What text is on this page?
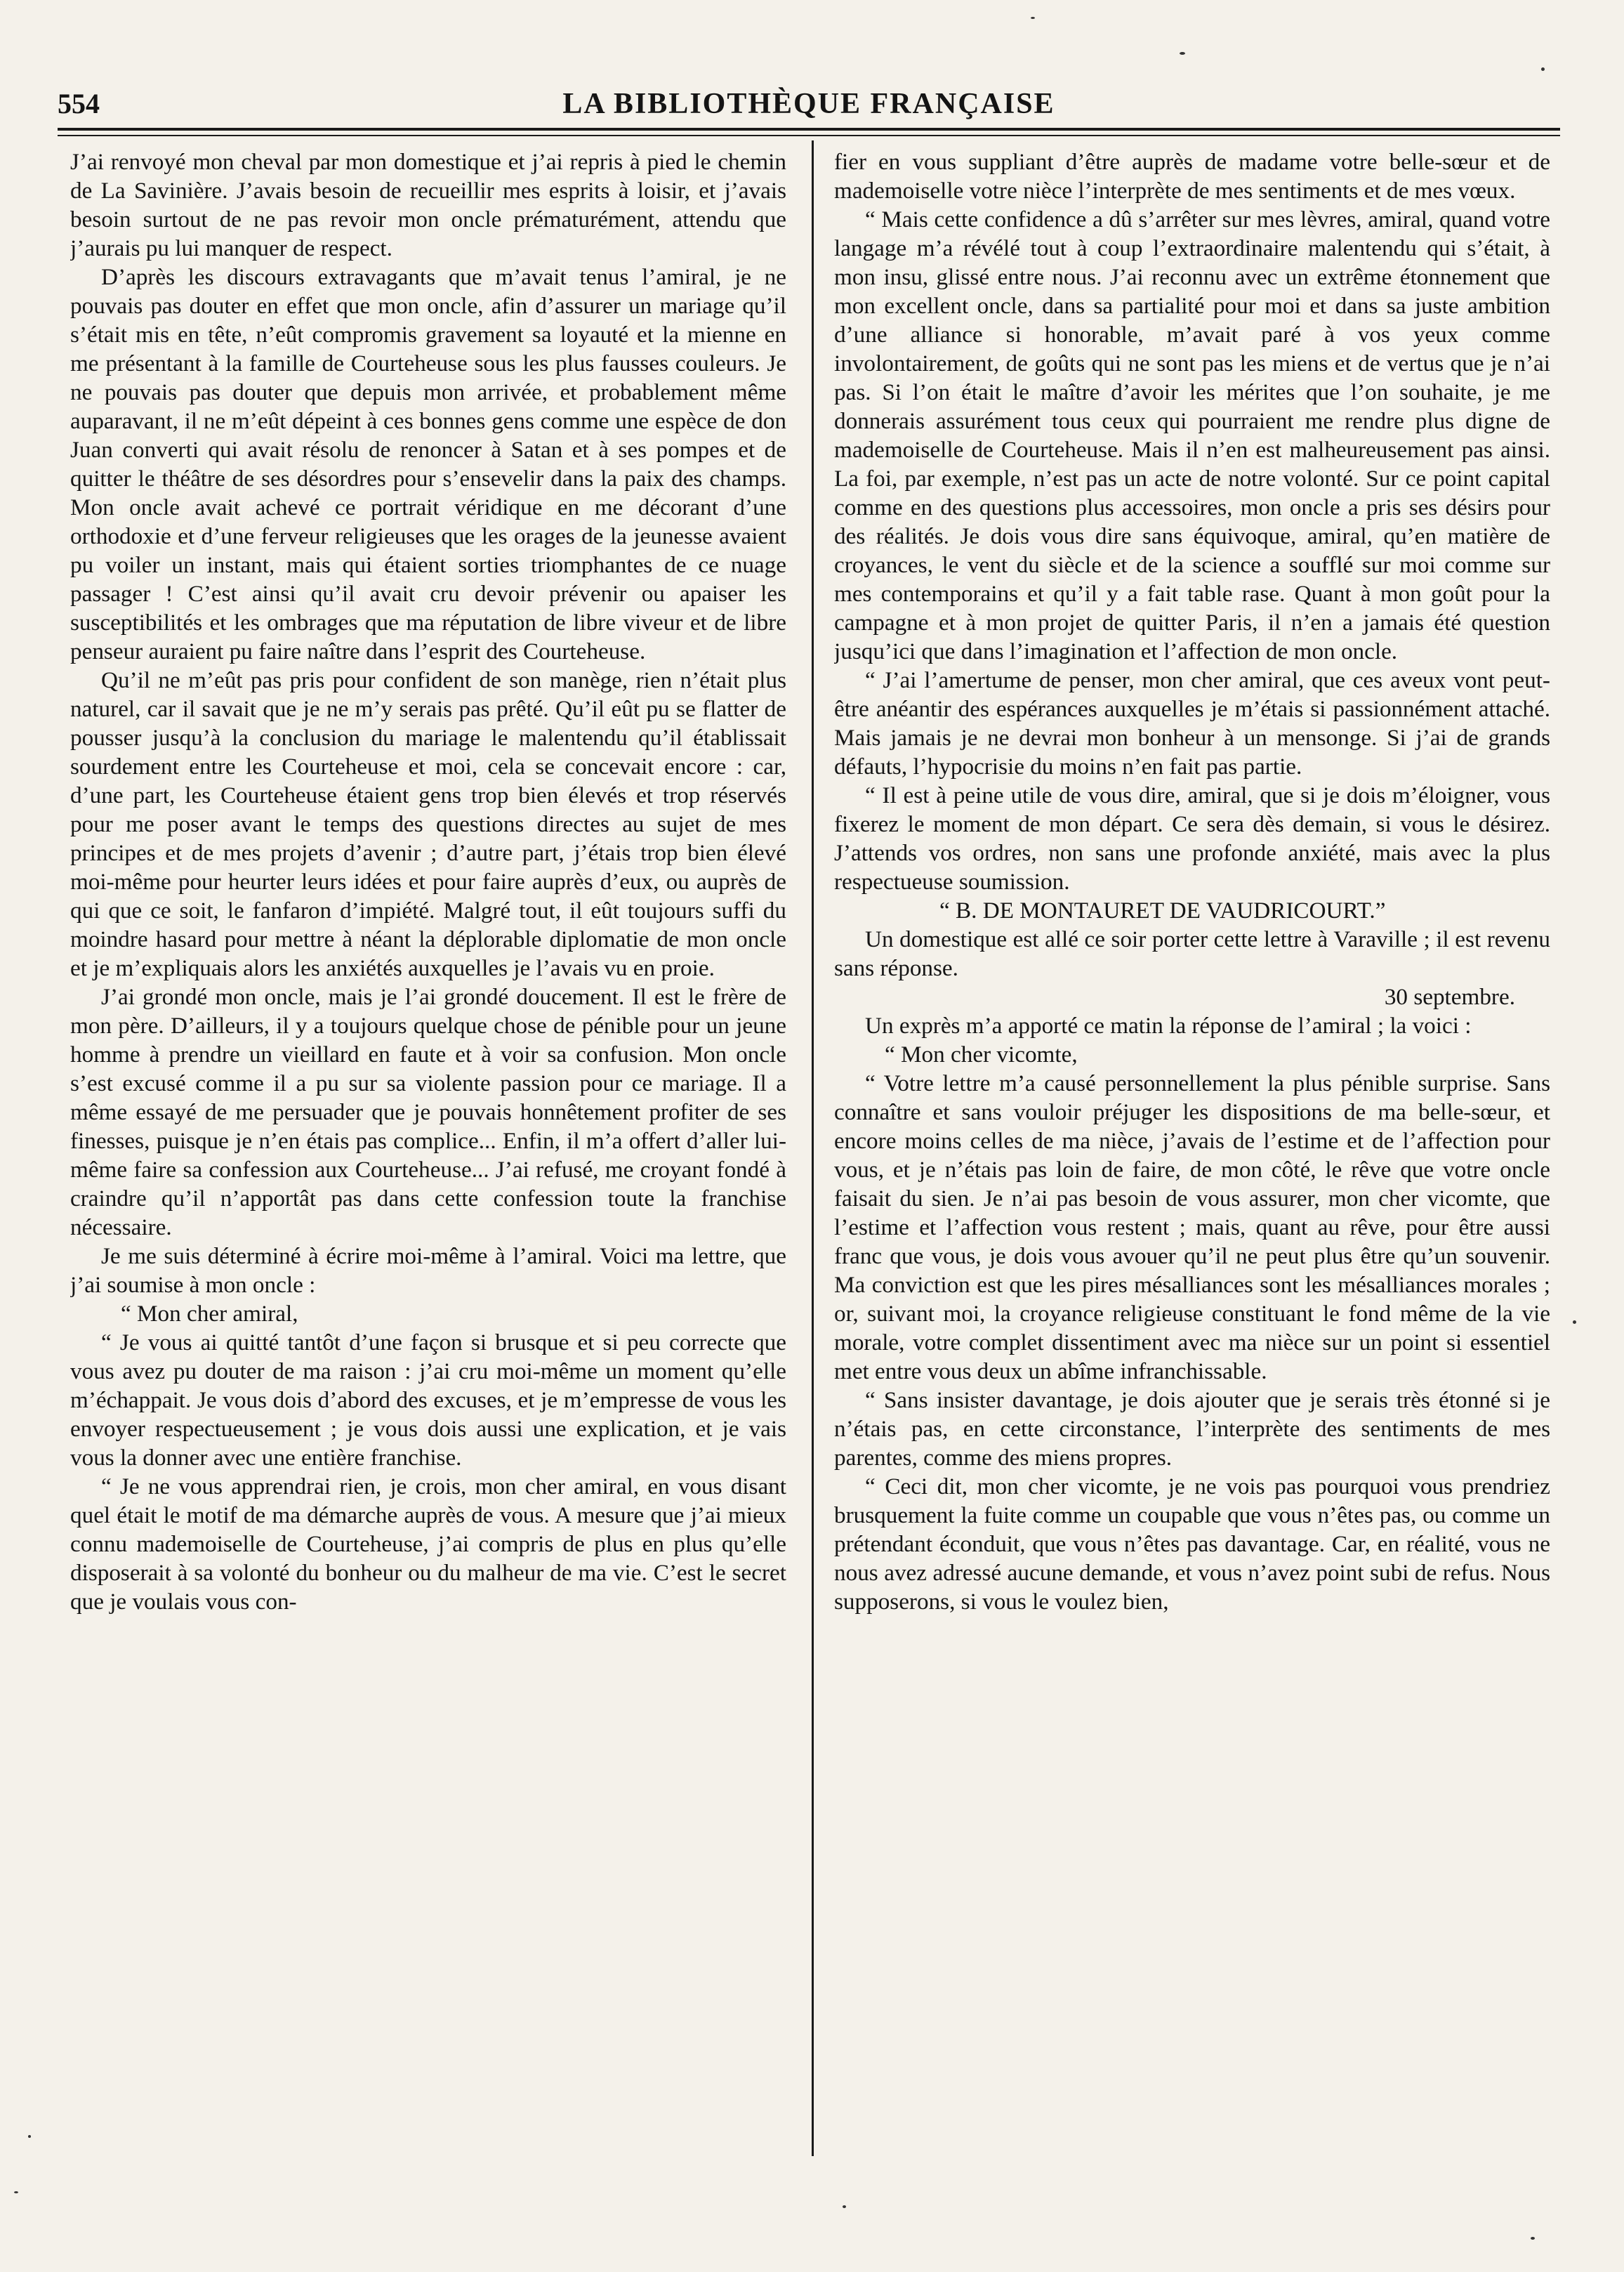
554	LA BIBLIOTHÈQUE FRANÇAISE

J’ai renvoyé mon cheval par mon domestique et j’ai repris à pied le chemin de La Savinière. J’avais besoin de recueillir mes esprits à loisir, et j’avais besoin surtout de ne pas revoir mon oncle prématurément, attendu que j’aurais pu lui manquer de respect.

D’après les discours extravagants que m’avait tenus l’amiral, je ne pouvais pas douter en effet que mon oncle, afin d’assurer un mariage qu’il s’était mis en tête, n’eût compromis gravement sa loyauté et la mienne en me présentant à la famille de Courteheuse sous les plus fausses couleurs. Je ne pouvais pas douter que depuis mon arrivée, et probablement même auparavant, il ne m’eût dépeint à ces bonnes gens comme une espèce de don Juan converti qui avait résolu de renoncer à Satan et à ses pompes et de quitter le théâtre de ses désordres pour s’ensevelir dans la paix des champs. Mon oncle avait achevé ce portrait véridique en me décorant d’une orthodoxie et d’une ferveur religieuses que les orages de la jeunesse avaient pu voiler un instant, mais qui étaient sorties triomphantes de ce nuage passager ! C’est ainsi qu’il avait cru devoir prévenir ou apaiser les susceptibilités et les ombrages que ma réputation de libre viveur et de libre penseur auraient pu faire naître dans l’esprit des Courteheuse.

Qu’il ne m’eût pas pris pour confident de son manège, rien n’était plus naturel, car il savait que je ne m’y serais pas prêté. Qu’il eût pu se flatter de pousser jusqu’à la conclusion du mariage le malentendu qu’il établissait sourdement entre les Courteheuse et moi, cela se concevait encore : car, d’une part, les Courteheuse étaient gens trop bien élevés et trop réservés pour me poser avant le temps des questions directes au sujet de mes principes et de mes projets d’avenir ; d’autre part, j’étais trop bien élevé moi-même pour heurter leurs idées et pour faire auprès d’eux, ou auprès de qui que ce soit, le fanfaron d’impiété. Malgré tout, il eût toujours suffi du moindre hasard pour mettre à néant la déplorable diplomatie de mon oncle et je m’expliquais alors les anxiétés auxquelles je l’avais vu en proie.

J’ai grondé mon oncle, mais je l’ai grondé doucement. Il est le frère de mon père. D’ailleurs, il y a toujours quelque chose de pénible pour un jeune homme à prendre un vieillard en faute et à voir sa confusion. Mon oncle s’est excusé comme il a pu sur sa violente passion pour ce mariage. Il a même essayé de me persuader que je pouvais honnêtement profiter de ses finesses, puisque je n’en étais pas complice... Enfin, il m’a offert d’aller lui-même faire sa confession aux Courteheuse... J’ai refusé, me croyant fondé à craindre qu’il n’apportât pas dans cette confession toute la franchise nécessaire.

Je me suis déterminé à écrire moi-même à l’amiral. Voici ma lettre, que j’ai soumise à mon oncle :

“ Mon cher amiral,

“ Je vous ai quitté tantôt d’une façon si brusque et si peu correcte que vous avez pu douter de ma raison : j’ai cru moi-même un moment qu’elle m’échappait. Je vous dois d’abord des excuses, et je m’empresse de vous les envoyer respectueusement ; je vous dois aussi une explication, et je vais vous la donner avec une entière franchise.

“ Je ne vous apprendrai rien, je crois, mon cher amiral, en vous disant quel était le motif de ma démarche auprès de vous. A mesure que j’ai mieux connu mademoiselle de Courteheuse, j’ai compris de plus en plus qu’elle disposerait à sa volonté du bonheur ou du malheur de ma vie. C’est le secret que je voulais vous con-

fier en vous suppliant d’être auprès de madame votre belle-sœur et de mademoiselle votre nièce l’interprète de mes sentiments et de mes vœux.

“ Mais cette confidence a dû s’arrêter sur mes lèvres, amiral, quand votre langage m’a révélé tout à coup l’extraordinaire malentendu qui s’était, à mon insu, glissé entre nous. J’ai reconnu avec un extrême étonnement que mon excellent oncle, dans sa partialité pour moi et dans sa juste ambition d’une alliance si honorable, m’avait paré à vos yeux comme involontairement, de goûts qui ne sont pas les miens et de vertus que je n’ai pas. Si l’on était le maître d’avoir les mérites que l’on souhaite, je me donnerais assurément tous ceux qui pourraient me rendre plus digne de mademoiselle de Courteheuse. Mais il n’en est malheureusement pas ainsi. La foi, par exemple, n’est pas un acte de notre volonté. Sur ce point capital comme en des questions plus accessoires, mon oncle a pris ses désirs pour des réalités. Je dois vous dire sans équivoque, amiral, qu’en matière de croyances, le vent du siècle et de la science a soufflé sur moi comme sur mes contemporains et qu’il y a fait table rase. Quant à mon goût pour la campagne et à mon projet de quitter Paris, il n’en a jamais été question jusqu’ici que dans l’imagination et l’affection de mon oncle.

“ J’ai l’amertume de penser, mon cher amiral, que ces aveux vont peut-être anéantir des espérances auxquelles je m’étais si passionnément attaché. Mais jamais je ne devrai mon bonheur à un mensonge. Si j’ai de grands défauts, l’hypocrisie du moins n’en fait pas partie.

“ Il est à peine utile de vous dire, amiral, que si je dois m’éloigner, vous fixerez le moment de mon départ. Ce sera dès demain, si vous le désirez. J’attends vos ordres, non sans une profonde anxiété, mais avec la plus respectueuse soumission.

“ B. DE MONTAURET DE VAUDRICOURT.”

Un domestique est allé ce soir porter cette lettre à Varaville ; il est revenu sans réponse.

30 septembre.

Un exprès m’a apporté ce matin la réponse de l’amiral ; la voici :

“ Mon cher vicomte,

“ Votre lettre m’a causé personnellement la plus pénible surprise. Sans connaître et sans vouloir préjuger les dispositions de ma belle-sœur, et encore moins celles de ma nièce, j’avais de l’estime et de l’affection pour vous, et je n’étais pas loin de faire, de mon côté, le rêve que votre oncle faisait du sien. Je n’ai pas besoin de vous assurer, mon cher vicomte, que l’estime et l’affection vous restent ; mais, quant au rêve, pour être aussi franc que vous, je dois vous avouer qu’il ne peut plus être qu’un souvenir. Ma conviction est que les pires mésalliances sont les mésalliances morales ; or, suivant moi, la croyance religieuse constituant le fond même de la vie morale, votre complet dissentiment avec ma nièce sur un point si essentiel met entre vous deux un abîme infranchissable.

“ Sans insister davantage, je dois ajouter que je serais très étonné si je n’étais pas, en cette circonstance, l’interprète des sentiments de mes parentes, comme des miens propres.

“ Ceci dit, mon cher vicomte, je ne vois pas pourquoi vous prendriez brusquement la fuite comme un coupable que vous n’êtes pas, ou comme un prétendant éconduit, que vous n’êtes pas davantage. Car, en réalité, vous ne nous avez adressé aucune demande, et vous n’avez point subi de refus. Nous supposerons, si vous le voulez bien,
